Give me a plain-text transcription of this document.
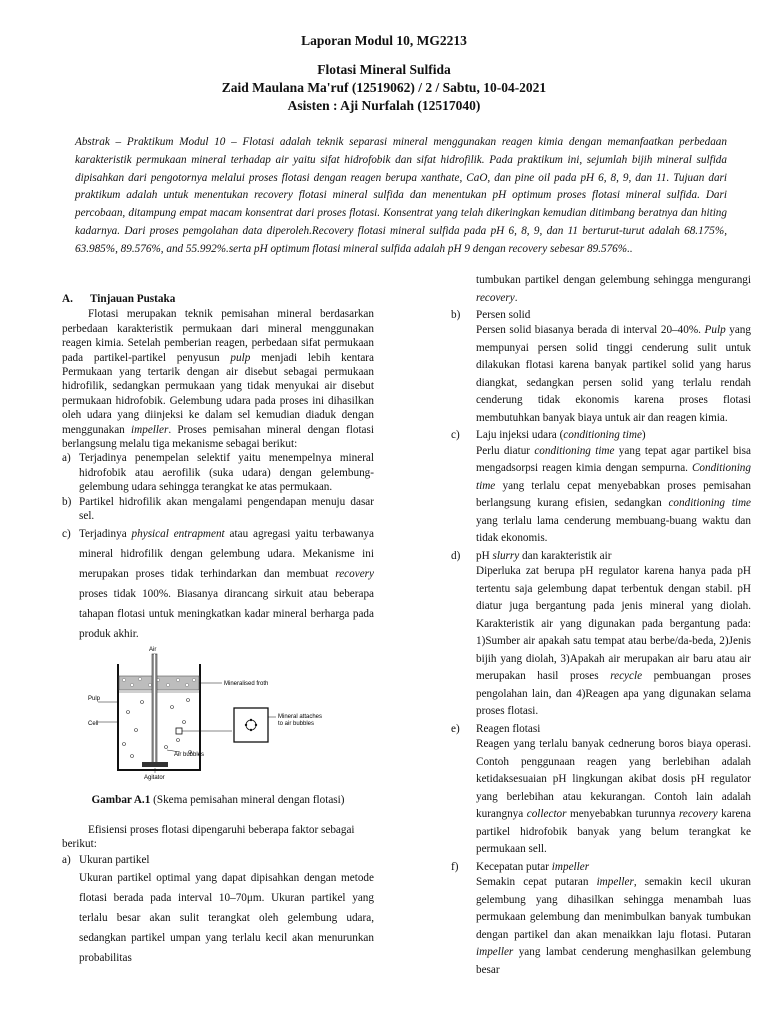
Laporan Modul 10, MG2213
Flotasi Mineral Sulfida
Zaid Maulana Ma'ruf (12519062) / 2 / Sabtu, 10-04-2021
Asisten : Aji Nurfalah (12517040)

Abstrak – Praktikum Modul 10 – Flotasi adalah teknik separasi mineral menggunakan reagen kimia dengan memanfaatkan perbedaan karakteristik permukaan mineral terhadap air yaitu sifat hidrofobik dan sifat hidrofilik. Pada praktikum ini, sejumlah bijih mineral sulfida dipisahkan dari pengotornya melalui proses flotasi dengan reagen berupa xanthate, CaO, dan pine oil pada pH 6, 8, 9, dan 11. Tujuan dari praktikum adalah untuk menentukan recovery flotasi mineral sulfida dan menentukan pH optimum proses flotasi mineral sulfida. Dari percobaan, ditampung empat macam konsentrat dari proses flotasi. Konsentrat yang telah dikeringkan kemudian ditimbang beratnya dan hiting kadarnya. Dari proses pemgolahan data diperoleh.Recovery flotasi mineral sulfida pada pH 6, 8, 9, dan 11 berturut-turut adalah 68.175%, 63.985%, 89.576%, and 55.992%.serta pH optimum flotasi mineral sulfida adalah pH 9 dengan recovery sebesar 89.576%..

A.	Tinjauan Pustaka

Flotasi merupakan teknik pemisahan mineral berdasarkan perbedaan karakteristik permukaan dari mineral menggunakan reagen kimia. Setelah pemberian reagen, perbedaan sifat permukaan pada partikel-partikel penyusun pulp menjadi lebih kentara Permukaan yang tertarik dengan air disebut sebagai permukaan hidrofilik, sedangkan permukaan yang tidak menyukai air disebut permukaan hidrofobik. Gelembung udara pada proses ini dihasilkan oleh udara yang diinjeksi ke dalam sel kemudian diaduk dengan menggunakan impeller. Proses pemisahan mineral dengan flotasi berlangsung melalu tiga mekanisme sebagai berikut:

a) Terjadinya penempelan selektif yaitu menempelnya mineral hidrofobik atau aerofilik (suka udara) dengan gelembung-gelembung udara sehingga terangkat ke atas permukaan.
b) Partikel hidrofilik akan mengalami pengendapan menuju dasar sel.
c) Terjadinya physical entrapment atau agregasi yaitu terbawanya mineral hidrofilik dengan gelembung udara. Mekanisme ini merupakan proses tidak terhindarkan dan membuat recovery proses tidak 100%. Biasanya dirancang sirkuit atau beberapa tahapan flotasi untuk meningkatkan kadar mineral berharga pada produk akhir.
Air
Mineralised froth
Pulp
Cell
Mineral attaches
to air bubbles
Air bubbles
Agitator

Gambar A.1 (Skema pemisahan mineral dengan flotasi)

Efisiensi proses flotasi dipengaruhi beberapa faktor sebagai berikut:

a) Ukuran partikel

Ukuran partikel optimal yang dapat dipisahkan dengan metode flotasi berada pada interval 10–70μm. Ukuran partikel yang terlalu besar akan sulit terangkat oleh gelembung udara, sedangkan partikel umpan yang terlalu kecil akan menurunkan probabilitas

tumbukan partikel dengan gelembung sehingga mengurangi recovery.

b)	Persen solid

Persen solid biasanya berada di interval 20–40%. Pulp yang mempunyai persen solid tinggi cenderung sulit untuk dilakukan flotasi karena banyak partikel solid yang harus diangkat, sedangkan persen solid yang terlalu rendah cenderung tidak ekonomis karena proses flotasi membutuhkan banyak biaya untuk air dan reagen kimia.
c)	Laju injeksi udara (conditioning time)

Perlu diatur conditioning time yang tepat agar partikel bisa mengadsorpsi reagen kimia dengan sempurna. Conditioning time yang terlalu cepat menyebabkan proses pemisahan berlangsung kurang efisien, sedangkan conditioning time yang terlalu lama cenderung membuang-buang waktu dan tidak ekonomis.
d)	pH slurry dan karakteristik air

Diperluka zat berupa pH regulator karena hanya pada pH tertentu saja gelembung dapat terbentuk dengan stabil. pH diatur juga bergantung pada jenis mineral yang diolah. Karakteristik air yang digunakan pada bergantung pada: 1)Sumber air apakah satu tempat atau berbe/da-beda, 2)Jenis bijih yang diolah, 3)Apakah air merupakan air baru atau air merupakan hasil proses recycle pembuangan proses pengolahan lain, dan 4)Reagen apa yang digunakan selama proses flotasi.
e)	Reagen flotasi

Reagen yang terlalu banyak cednerung boros biaya operasi. Contoh penggunaan reagen yang berlebihan adalah ketidaksesuaian pH lingkungan akibat dosis pH regulator yang berlebihan atau kekurangan. Contoh lain adalah kurangnya collector menyebabkan turunnya recovery karena partikel hidrofobik banyak yang belum terangkat ke permukaan sell.
f)	Kecepatan putar impeller

Semakin cepat putaran impeller, semakin kecil ukuran gelembung yang dihasilkan sehingga menambah luas permukaan gelembung dan menimbulkan banyak tumbukan dengan partikel dan akan menaikkan laju flotasi. Putaran impeller yang lambat cenderung menghasilkan gelembung besar
